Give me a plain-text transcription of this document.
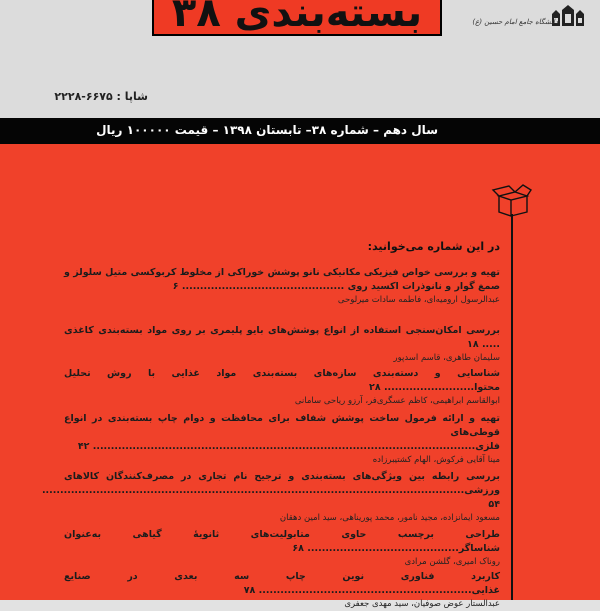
بسته‌بندی ۳۸	دانشگاه جامع امام حسین (ع)
شاپا : ۶۶۷۵-۲۲۲۸
سال دهم – شماره ۳۸– تابستان ۱۳۹۸ – قیمت ۱۰۰۰۰۰ ریال
در این شماره می‌خوانید:
تهیه و بررسی خواص فیزیکی مکانیکی نانو پوشش خوراکی از مخلوط کربوکسی متیل سلولز و صمغ گوار و نانوذرات اکسید روی ............................................. ۶
عبدالرسول ارومیه‌ای، فاطمه سادات میرلوحی
بررسی امکان‌سنجی استفاده از انواع پوشش‌های بایو پلیمری بر روی مواد بسته‌بندی کاغذی ..... ۱۸
سلیمان طاهری، قاسم اسدپور
شناسایی و دسته‌بندی سازه‌های بسته‌بندی مواد غذایی با روش تحلیل محتوا......................... ۲۸
ابوالقاسم ابراهیمی، کاظم عسگری‌فر، آرزو ریاحی سامانی
تهیه و ارائه فرمول ساخت پوشش شفاف برای محافظت و دوام چاپ بسته‌بندی در انواع قوطی‌های فلزی.......................................................................................................... ۴۲
مینا آقایی فرکوش، الهام کشتیبرزاده
بررسی رابطه بین ویژگی‌های بسته‌بندی و ترجیح نام تجاری در مصرف‌کنندگان کالاهای ورزشی..................................................................................................................... ۵۴
مسعود ایمانزاده، مجید نامور، محمد پوریناهی، سید امین دهقان
طراحی برچسب حاوی متابولیت‌های ثانویهٔ گیاهی به‌عنوان شناساگر.......................................... ۶۸
روناک امیری، گلشن مرادی
کاربرد فناوری نوین چاپ سه بعدی در صنایع غذایی........................................................... ۷۸
عبدالستار عوض صوفیان، سید مهدی جعفری
